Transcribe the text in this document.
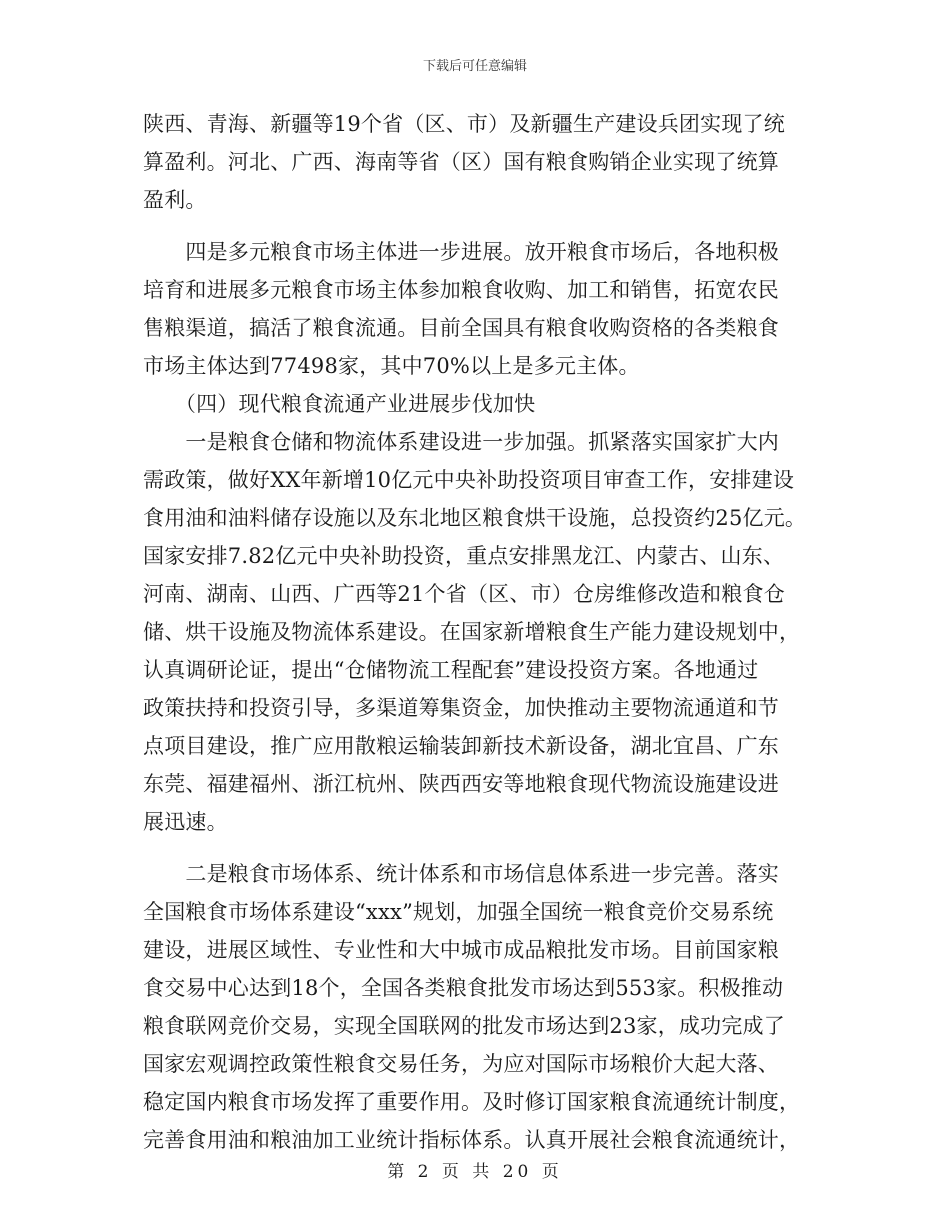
下载后可任意编辑
陕西、青海、新疆等19个省（区、市）及新疆生产建设兵团实现了统
算盈利。河北、广西、海南等省（区）国有粮食购销企业实现了统算
盈利。
　　四是多元粮食市场主体进一步进展。放开粮食市场后，各地积极
培育和进展多元粮食市场主体参加粮食收购、加工和销售，拓宽农民
售粮渠道，搞活了粮食流通。目前全国具有粮食收购资格的各类粮食
市场主体达到77498家，其中70%以上是多元主体。
　　（四）现代粮食流通产业进展步伐加快
　　一是粮食仓储和物流体系建设进一步加强。抓紧落实国家扩大内
需政策，做好XX年新增10亿元中央补助投资项目审查工作，安排建设
食用油和油料储存设施以及东北地区粮食烘干设施，总投资约25亿元。
国家安排7.82亿元中央补助投资，重点安排黑龙江、内蒙古、山东、
河南、湖南、山西、广西等21个省（区、市）仓房维修改造和粮食仓
储、烘干设施及物流体系建设。在国家新增粮食生产能力建设规划中，
认真调研论证，提出“仓储物流工程配套”建设投资方案。各地通过
政策扶持和投资引导，多渠道筹集资金，加快推动主要物流通道和节
点项目建设，推广应用散粮运输装卸新技术新设备，湖北宜昌、广东
东莞、福建福州、浙江杭州、陕西西安等地粮食现代物流设施建设进
展迅速。
　　二是粮食市场体系、统计体系和市场信息体系进一步完善。落实
全国粮食市场体系建设“xxx”规划，加强全国统一粮食竞价交易系统
建设，进展区域性、专业性和大中城市成品粮批发市场。目前国家粮
食交易中心达到18个，全国各类粮食批发市场达到553家。积极推动
粮食联网竞价交易，实现全国联网的批发市场达到23家，成功完成了
国家宏观调控政策性粮食交易任务，为应对国际市场粮价大起大落、
稳定国内粮食市场发挥了重要作用。及时修订国家粮食流通统计制度，
完善食用油和粮油加工业统计指标体系。认真开展社会粮食流通统计，
第 2 页 共 20 页
